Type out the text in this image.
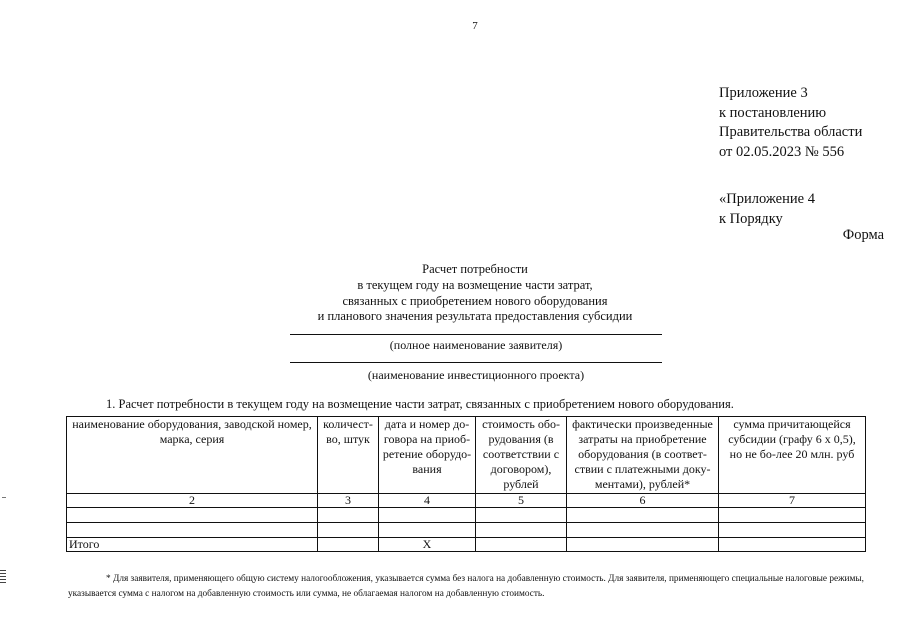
7
Приложение 3
к постановлению
Правительства области
от 02.05.2023 № 556
«Приложение 4
к Порядку
Форма
Расчет потребности
в текущем году на возмещение части затрат,
связанных с приобретением нового оборудования
и планового значения результата предоставления субсидии
(полное наименование заявителя)
(наименование инвестиционного проекта)
1. Расчет потребности в текущем году на возмещение части затрат, связанных с приобретением нового оборудования.
наименование оборудования, заводской номер, марка, серия	количест-во, штук	дата и номер до-говора на приоб-ретение оборудо-вания	стоимость обо-рудования (в соответствии с договором), рублей	фактически произведенные затраты на приобретение оборудования (в соответ-ствии с платежными доку-ментами), рублей*	сумма причитающейся субсидии (графу 6 х 0,5), но не бо-лее 20 млн. руб
2	3	4	5	6	7

Итого		X			
* Для заявителя, применяющего общую систему налогообложения, указывается сумма без налога на добавленную стоимость. Для заявителя, применяющего специальные налоговые режимы, указывается сумма с налогом на добавленную стоимость или сумма, не облагаемая налогом на добавленную стоимость.
